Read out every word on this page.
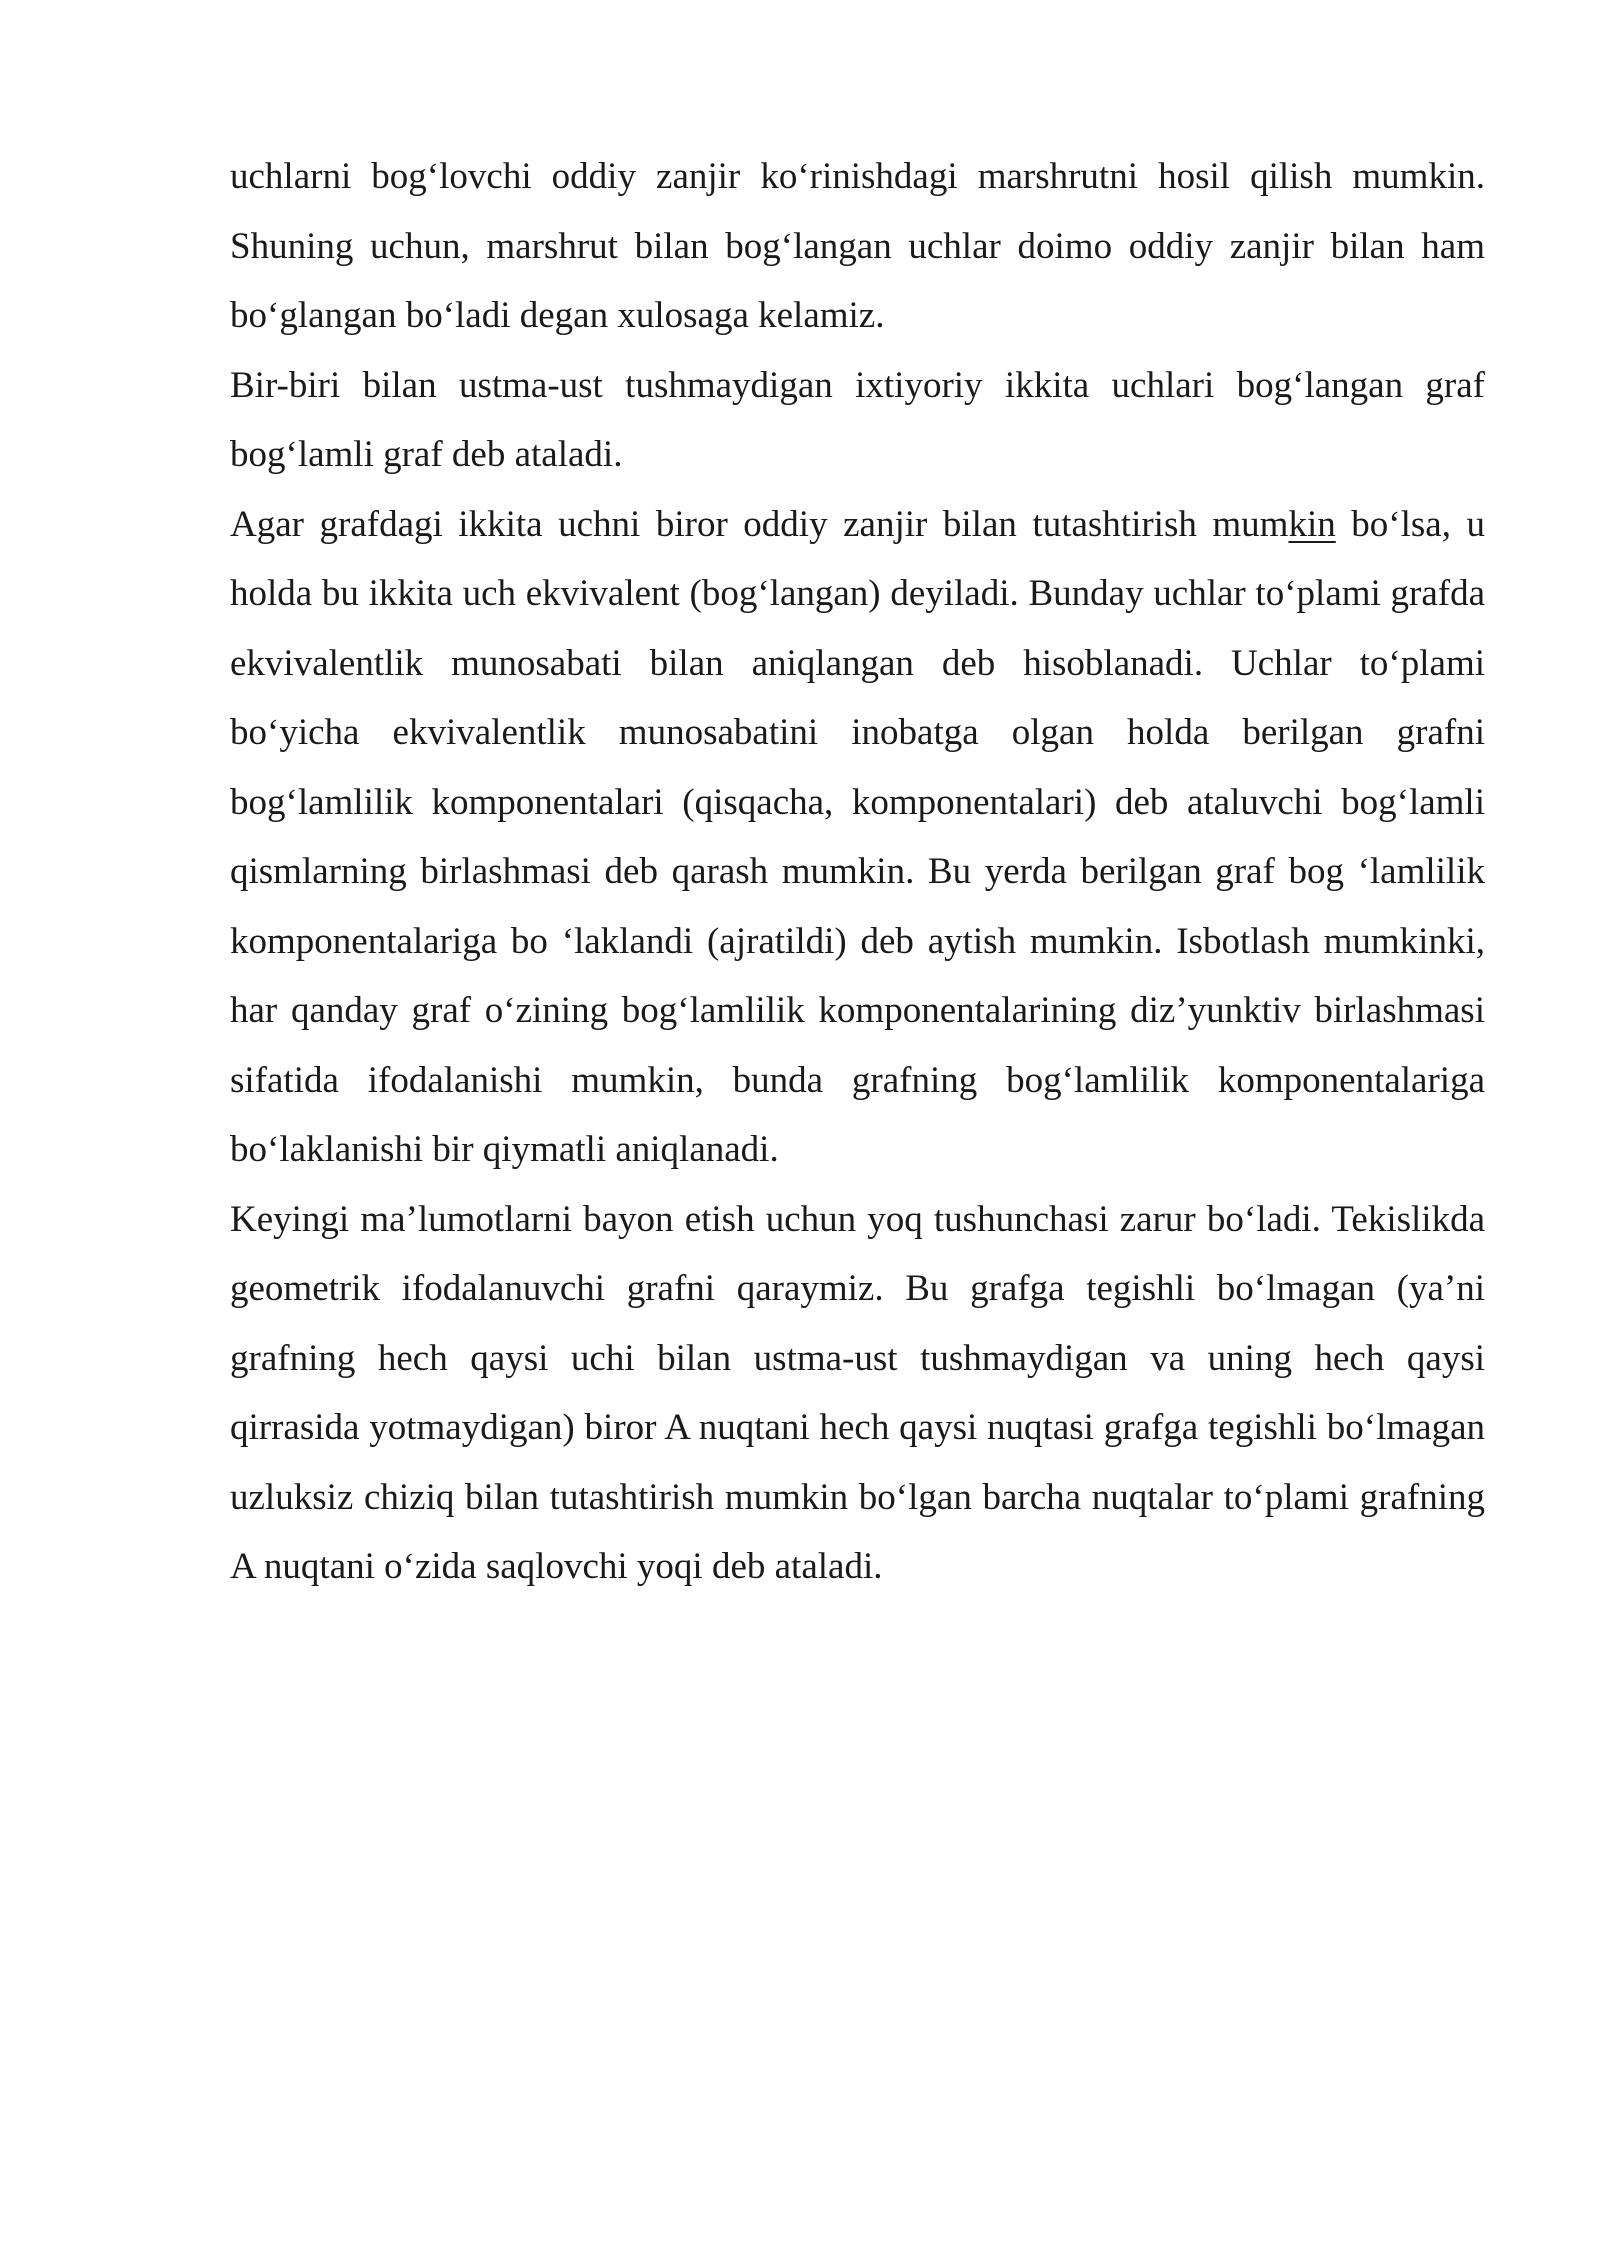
uchlarni bog‘lovchi oddiy zanjir ko‘rinishdagi marshrutni hosil qilish mumkin. Shuning uchun, marshrut bilan bog‘langan uchlar doimo oddiy zanjir bilan ham bo‘glangan bo‘ladi degan xulosaga kelamiz.

Bir-biri bilan ustma-ust tushmaydigan ixtiyoriy ikkita uchlari bog‘langan graf bog‘lamli graf deb ataladi.

Agar grafdagi ikkita uchni biror oddiy zanjir bilan tutashtirish mumkin bo‘lsa, u holda bu ikkita uch ekvivalent (bog‘langan) deyiladi. Bunday uchlar to‘plami grafda ekvivalentlik munosabati bilan aniqlangan deb hisoblanadi. Uchlar to‘plami bo‘yicha ekvivalentlik munosabatini inobatga olgan holda berilgan grafni bog‘lamlilik komponentalari (qisqacha, komponentalari) deb ataluvchi bog‘lamli qismlarning birlashmasi deb qarash mumkin. Bu yerda berilgan graf bog ‘lamlilik komponentalariga bo ‘laklandi (ajratildi) deb aytish mumkin. Isbotlash mumkinki, har qanday graf o‘zining bog‘lamlilik komponentalarining diz’yunktiv birlashmasi sifatida ifodalanishi mumkin, bunda grafning bog‘lamlilik komponentalariga bo‘laklanishi bir qiymatli aniqlanadi.

Keyingi ma’lumotlarni bayon etish uchun yoq tushunchasi zarur bo‘ladi. Tekislikda geometrik ifodalanuvchi grafni qaraymiz. Bu grafga tegishli bo‘lmagan (ya’ni grafning hech qaysi uchi bilan ustma-ust tushmaydigan va uning hech qaysi qirrasida yotmaydigan) biror A nuqtani hech qaysi nuqtasi grafga tegishli bo‘lmagan uzluksiz chiziq bilan tutashtirish mumkin bo‘lgan barcha nuqtalar to‘plami grafning A nuqtani o‘zida saqlovchi yoqi deb ataladi.
